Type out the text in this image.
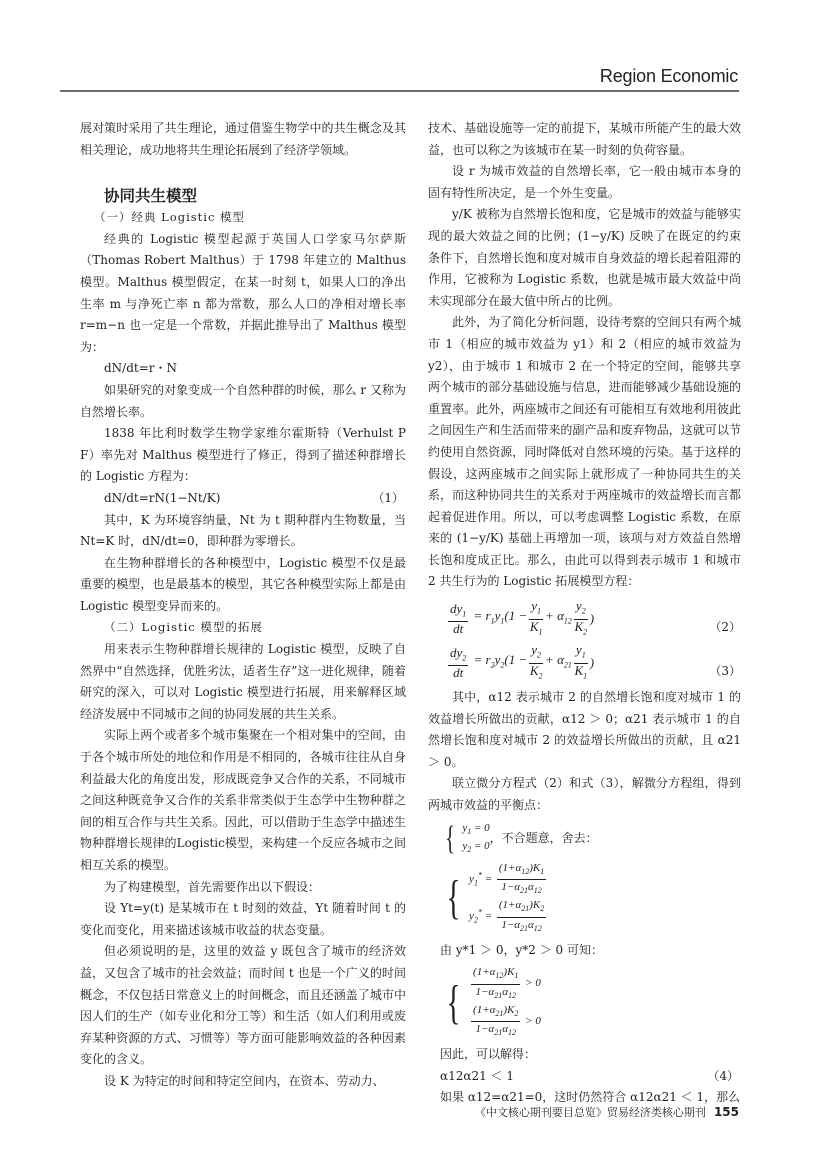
Region Economic

展对策时采用了共生理论，通过借鉴生物学中的共生概念及其相关理论，成功地将共生理论拓展到了经济学领域。

协同共生模型
（一）经典 Logistic 模型

经典的 Logistic 模型起源于英国人口学家马尔萨斯（Thomas Robert Malthus）于 1798 年建立的 Malthus 模型。Malthus 模型假定，在某一时刻 t，如果人口的净出生率 m 与净死亡率 n 都为常数，那么人口的净相对增长率 r=m−n 也一定是一个常数，并据此推导出了 Malthus 模型为：

dN/dt=r・N

如果研究的对象变成一个自然种群的时候，那么 r 又称为自然增长率。

1838 年比利时数学生物学家维尔霍斯特（Verhulst P F）率先对 Malthus 模型进行了修正，得到了描述种群增长的 Logistic 方程为：

dN/dt=rN(1−Nt/K)	（1）

其中，K 为环境容纳量，Nt 为 t 期种群内生物数量，当 Nt=K 时，dN/dt=0，即种群为零增长。

在生物种群增长的各种模型中，Logistic 模型不仅是最重要的模型，也是最基本的模型，其它各种模型实际上都是由 Logistic 模型变异而来的。

（二）Logistic 模型的拓展

用来表示生物种群增长规律的 Logistic 模型，反映了自然界中“自然选择，优胜劣汰，适者生存”这一进化规律，随着研究的深入，可以对 Logistic 模型进行拓展，用来解释区域经济发展中不同城市之间的协同发展的共生关系。

实际上两个或者多个城市集聚在一个相对集中的空间，由于各个城市所处的地位和作用是不相同的，各城市往往从自身利益最大化的角度出发，形成既竞争又合作的关系，不同城市之间这种既竞争又合作的关系非常类似于生态学中生物种群之间的相互合作与共生关系。因此，可以借助于生态学中描述生物种群增长规律的Logistic模型，来构建一个反应各城市之间相互关系的模型。

为了构建模型，首先需要作出以下假设：

设 Yt=y(t) 是某城市在 t 时刻的效益，Yt 随着时间 t 的变化而变化，用来描述该城市收益的状态变量。

但必须说明的是，这里的效益 y 既包含了城市的经济效益，又包含了城市的社会效益；而时间 t 也是一个广义的时间概念，不仅包括日常意义上的时间概念，而且还涵盖了城市中因人们的生产（如专业化和分工等）和生活（如人们利用或废弃某种资源的方式、习惯等）等方面可能影响效益的各种因素变化的含义。

设 K 为特定的时间和特定空间内，在资本、劳动力、

技术、基础设施等一定的前提下，某城市所能产生的最大效益，也可以称之为该城市在某一时刻的负荷容量。

设 r 为城市效益的自然增长率，它一般由城市本身的固有特性所决定，是一个外生变量。

y/K 被称为自然增长饱和度，它是城市的效益与能够实现的最大效益之间的比例；(1−y/K) 反映了在既定的约束条件下，自然增长饱和度对城市自身效益的增长起着阻滞的作用，它被称为 Logistic 系数，也就是城市最大效益中尚未实现部分在最大值中所占的比例。

此外，为了简化分析问题，设待考察的空间只有两个城市 1（相应的城市效益为 y1）和 2（相应的城市效益为 y2），由于城市 1 和城市 2 在一个特定的空间，能够共享两个城市的部分基础设施与信息，进而能够减少基础设施的重置率。此外，两座城市之间还有可能相互有效地利用彼此之间因生产和生活而带来的副产品和废弃物品，这就可以节约使用自然资源，同时降低对自然环境的污染。基于这样的假设，这两座城市之间实际上就形成了一种协同共生的关系，而这种协同共生的关系对于两座城市的效益增长而言都起着促进作用。所以，可以考虑调整 Logistic 系数，在原来的 (1−y/K) 基础上再增加一项，该项与对方效益自然增长饱和度成正比。那么，由此可以得到表示城市 1 和城市 2 共生行为的 Logistic 拓展模型方程：

$\frac{dy_1}{dt} = r_1y_1(1 - \frac{y_1}{K_1} + \alpha_{12} \frac{y_2}{K_2}$ )
（2）
$\frac{dy_2}{dt} = r_2y_2(1 - \frac{y_2}{K_2} + \alpha_{21} \frac{y_1}{K_1}$ )
（3）

其中，α12 表示城市 2 的自然增长饱和度对城市 1 的效益增长所做出的贡献，α12 ＞ 0；α21 表示城市 1 的自然增长饱和度对城市 2 的效益增长所做出的贡献，且 α21 ＞ 0。

联立微分方程式（2）和式（3），解微分方程组，得到两城市效益的平衡点：

{ $y_1 = 0$
$y_2 = 0$
，不合题意，舍去：
{ $y_1^* = \frac{(1+\alpha_{12})K_1}{1-\alpha_{21}\alpha_{12}}$
$y_2^* = \frac{(1+\alpha_{21})K_2}{1-\alpha_{21}\alpha_{12}}$

由 y*1 ＞ 0，y*2 ＞ 0 可知：

{ $\frac{(1+\alpha_{12})K_1}{1-\alpha_{21}\alpha_{12}} > 0$
$\frac{(1+\alpha_{21})K_2}{1-\alpha_{21}\alpha_{12}} > 0$

因此，可以解得：

α12α21 ＜ 1	（4）

如果 α12=α21=0，这时仍然符合 α12α21 ＜ 1，那么

《中文核心期刊要目总览》贸易经济类核心期刊 155
